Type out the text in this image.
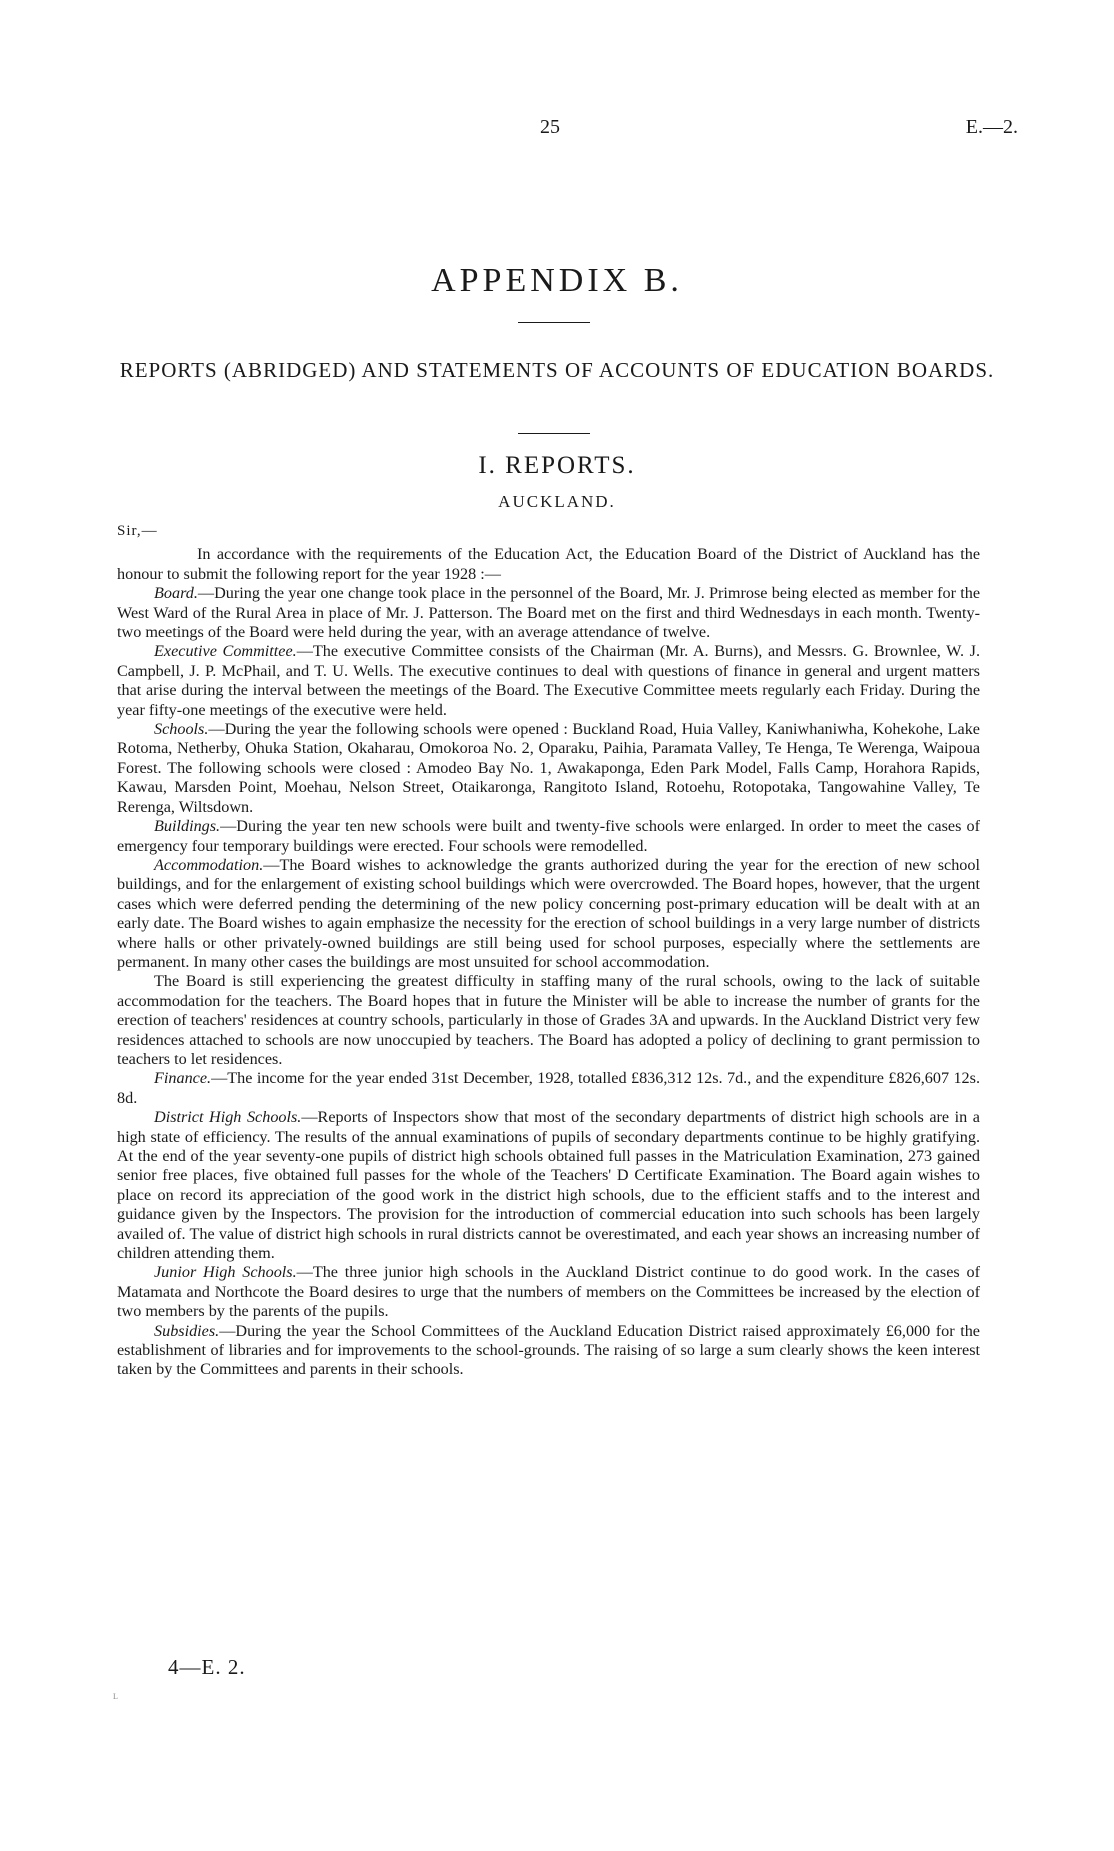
25	E.—2.
APPENDIX B.
REPORTS (ABRIDGED) AND STATEMENTS OF ACCOUNTS OF EDUCATION BOARDS.
I. REPORTS.
AUCKLAND.
Sir,—

In accordance with the requirements of the Education Act, the Education Board of the District of Auckland has the honour to submit the following report for the year 1928 :—

Board.—During the year one change took place in the personnel of the Board, Mr. J. Primrose being elected as member for the West Ward of the Rural Area in place of Mr. J. Patterson. The Board met on the first and third Wednesdays in each month. Twenty-two meetings of the Board were held during the year, with an average attendance of twelve.

Executive Committee.—The executive Committee consists of the Chairman (Mr. A. Burns), and Messrs. G. Brownlee, W. J. Campbell, J. P. McPhail, and T. U. Wells. The executive continues to deal with questions of finance in general and urgent matters that arise during the interval between the meetings of the Board. The Executive Committee meets regularly each Friday. During the year fifty-one meetings of the executive were held.

Schools.—During the year the following schools were opened : Buckland Road, Huia Valley, Kaniwhaniwha, Kohekohe, Lake Rotoma, Netherby, Ohuka Station, Okaharau, Omokoroa No. 2, Oparaku, Paihia, Paramata Valley, Te Henga, Te Werenga, Waipoua Forest. The following schools were closed : Amodeo Bay No. 1, Awakaponga, Eden Park Model, Falls Camp, Horahora Rapids, Kawau, Marsden Point, Moehau, Nelson Street, Otaikaronga, Rangitoto Island, Rotoehu, Rotopotaka, Tangowahine Valley, Te Rerenga, Wiltsdown.

Buildings.—During the year ten new schools were built and twenty-five schools were enlarged. In order to meet the cases of emergency four temporary buildings were erected. Four schools were remodelled.

Accommodation.—The Board wishes to acknowledge the grants authorized during the year for the erection of new school buildings, and for the enlargement of existing school buildings which were overcrowded. The Board hopes, however, that the urgent cases which were deferred pending the determining of the new policy concerning post-primary education will be dealt with at an early date. The Board wishes to again emphasize the necessity for the erection of school buildings in a very large number of districts where halls or other privately-owned buildings are still being used for school purposes, especially where the settlements are permanent. In many other cases the buildings are most unsuited for school accommodation.

The Board is still experiencing the greatest difficulty in staffing many of the rural schools, owing to the lack of suitable accommodation for the teachers. The Board hopes that in future the Minister will be able to increase the number of grants for the erection of teachers' residences at country schools, particularly in those of Grades 3A and upwards. In the Auckland District very few residences attached to schools are now unoccupied by teachers. The Board has adopted a policy of declining to grant permission to teachers to let residences.

Finance.—The income for the year ended 31st December, 1928, totalled £836,312 12s. 7d., and the expenditure £826,607 12s. 8d.

District High Schools.—Reports of Inspectors show that most of the secondary departments of district high schools are in a high state of efficiency. The results of the annual examinations of pupils of secondary departments continue to be highly gratifying. At the end of the year seventy-one pupils of district high schools obtained full passes in the Matriculation Examination, 273 gained senior free places, five obtained full passes for the whole of the Teachers' D Certificate Examination. The Board again wishes to place on record its appreciation of the good work in the district high schools, due to the efficient staffs and to the interest and guidance given by the Inspectors. The provision for the introduction of commercial education into such schools has been largely availed of. The value of district high schools in rural districts cannot be overestimated, and each year shows an increasing number of children attending them.

Junior High Schools.—The three junior high schools in the Auckland District continue to do good work. In the cases of Matamata and Northcote the Board desires to urge that the numbers of members on the Committees be increased by the election of two members by the parents of the pupils.

Subsidies.—During the year the School Committees of the Auckland Education District raised approximately £6,000 for the establishment of libraries and for improvements to the school-grounds. The raising of so large a sum clearly shows the keen interest taken by the Committees and parents in their schools.

4—E. 2.
L
